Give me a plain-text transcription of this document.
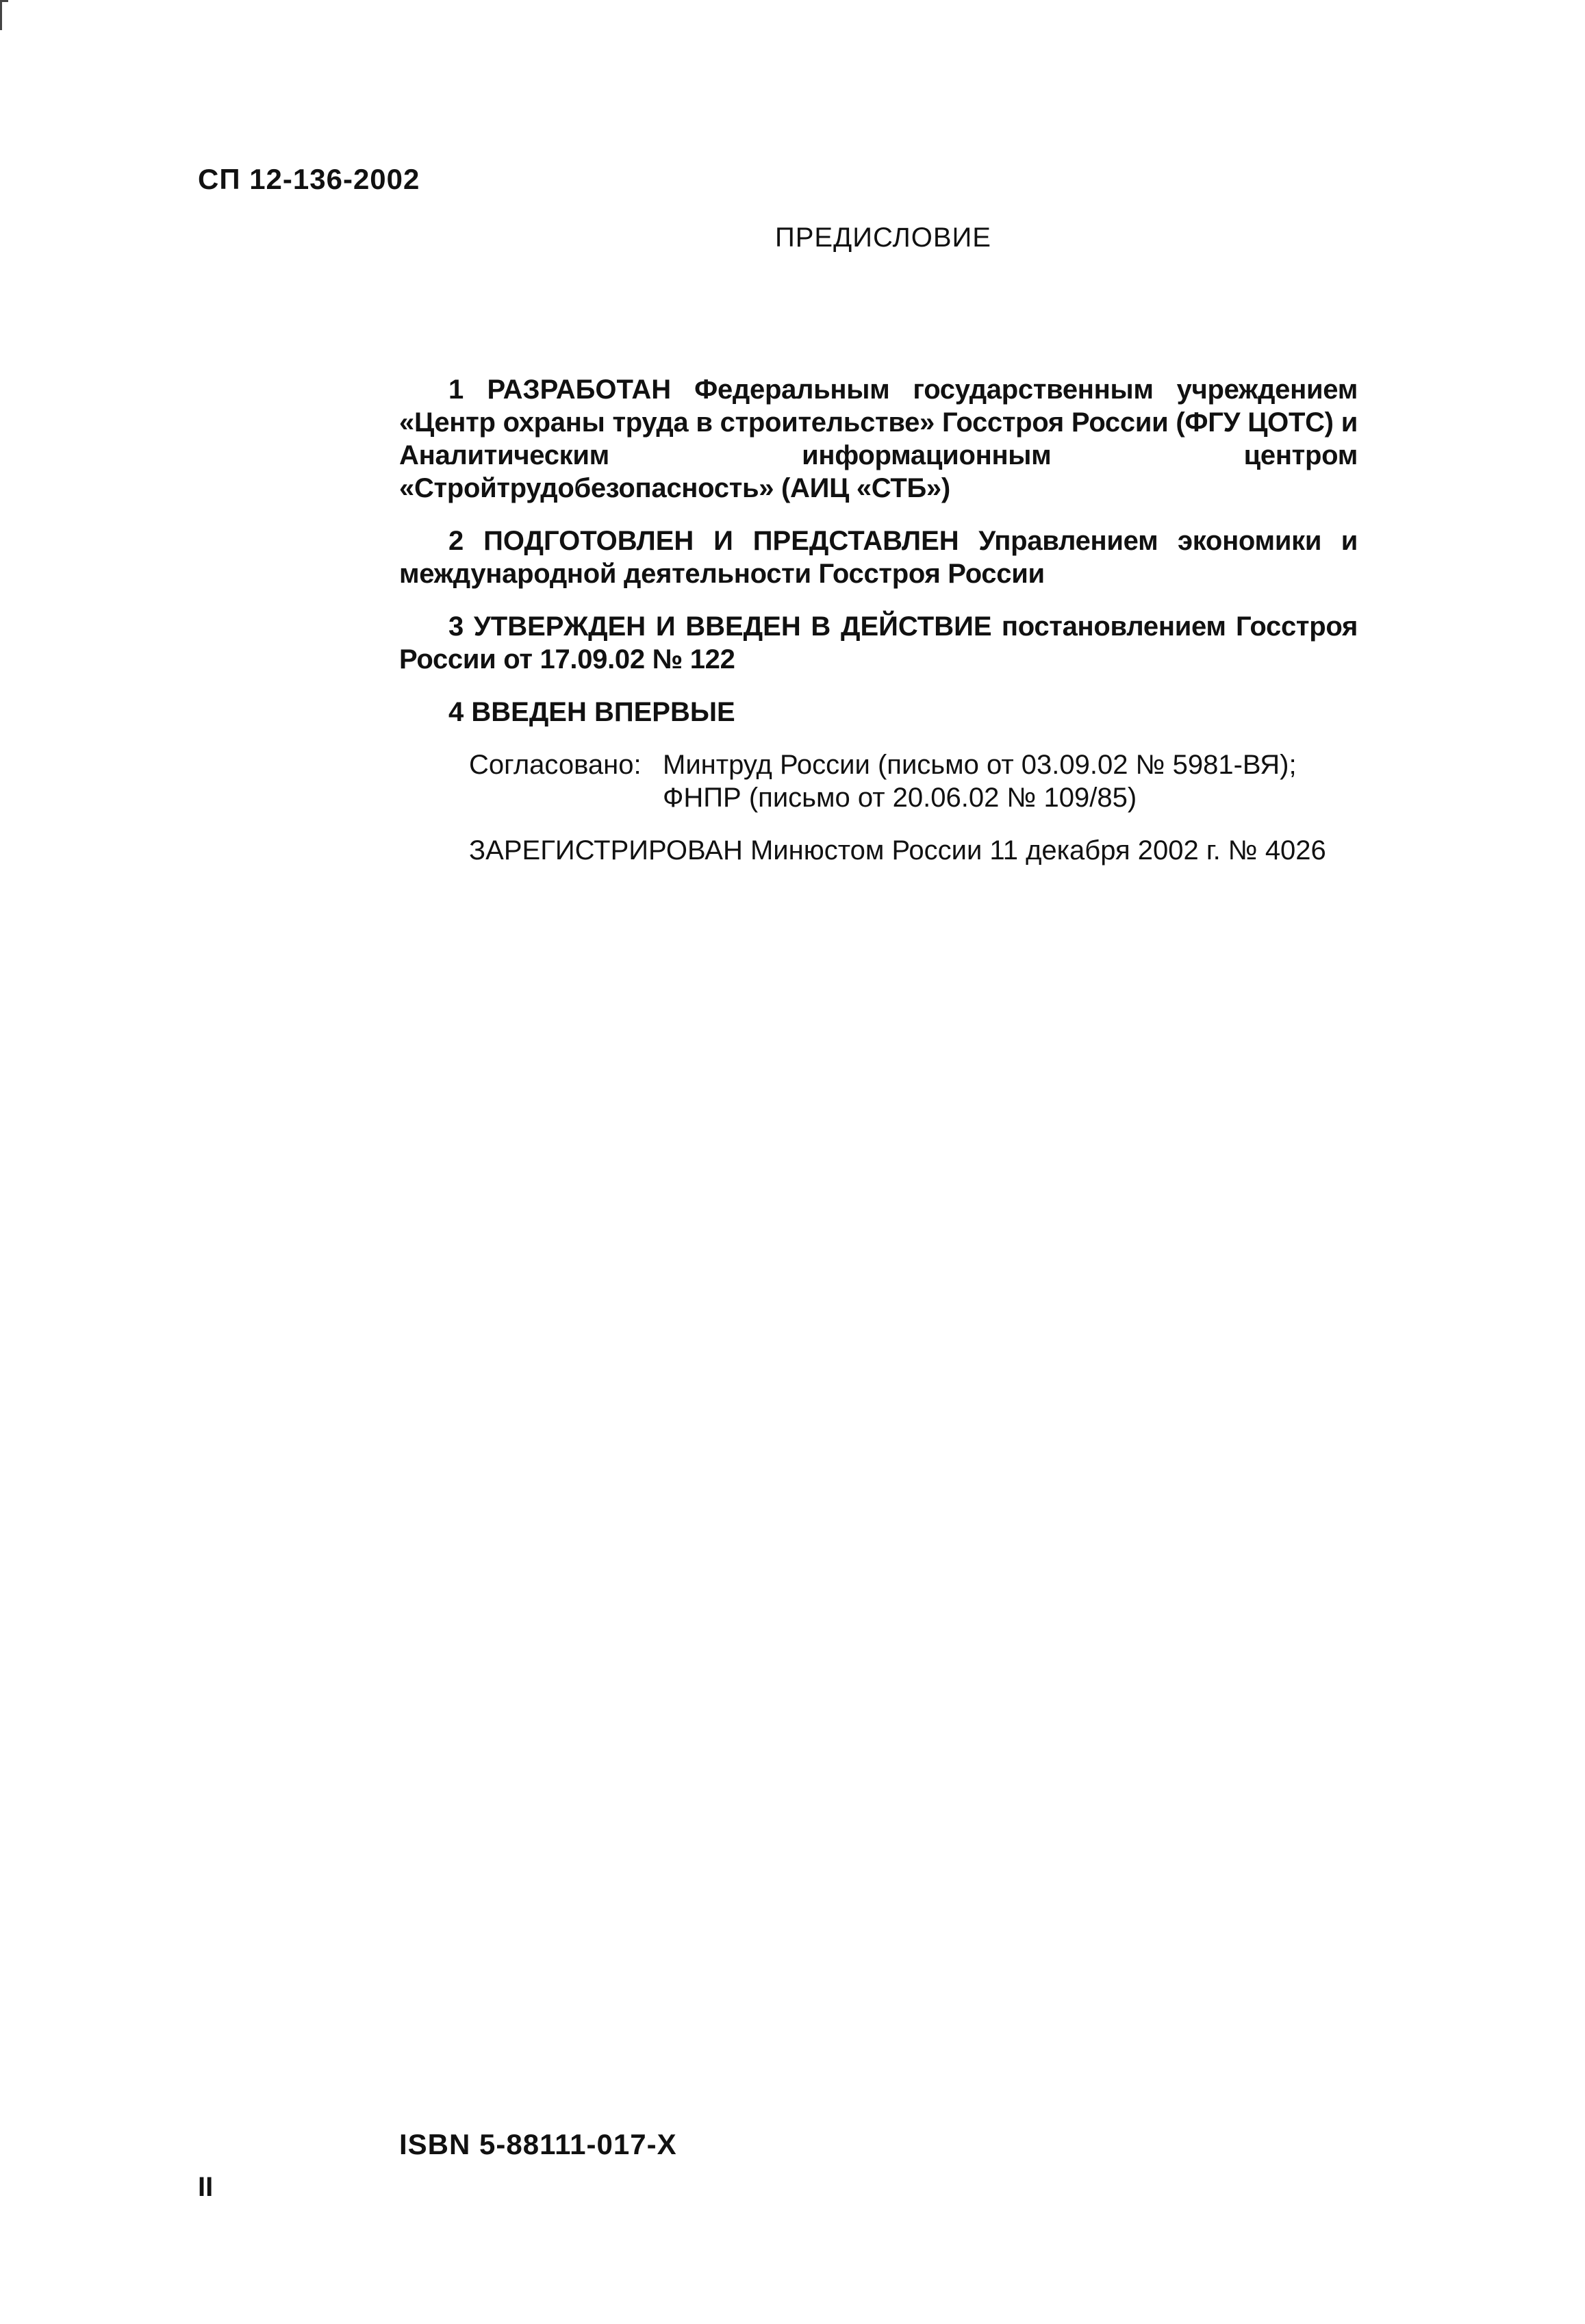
СП 12-136-2002
ПРЕДИСЛОВИЕ

1 РАЗРАБОТАН Федеральным государственным учреждением «Центр охраны труда в строительстве» Госстроя России (ФГУ ЦОТС) и Аналитическим информационным центром «Стройтрудобезопасность» (АИЦ «СТБ»)

2 ПОДГОТОВЛЕН И ПРЕДСТАВЛЕН Управлением экономики и международной деятельности Госстроя России

3 УТВЕРЖДЕН И ВВЕДЕН В ДЕЙСТВИЕ постановлением Госстроя России от 17.09.02 № 122

4 ВВЕДЕН ВПЕРВЫЕ

Согласовано: Минтруд России (письмо от 03.09.02 № 5981-ВЯ);
ФНПР (письмо от 20.06.02 № 109/85)
ЗАРЕГИСТРИРОВАН Минюстом России 11 декабря 2002 г. № 4026
ISBN 5-88111-017-X
II
